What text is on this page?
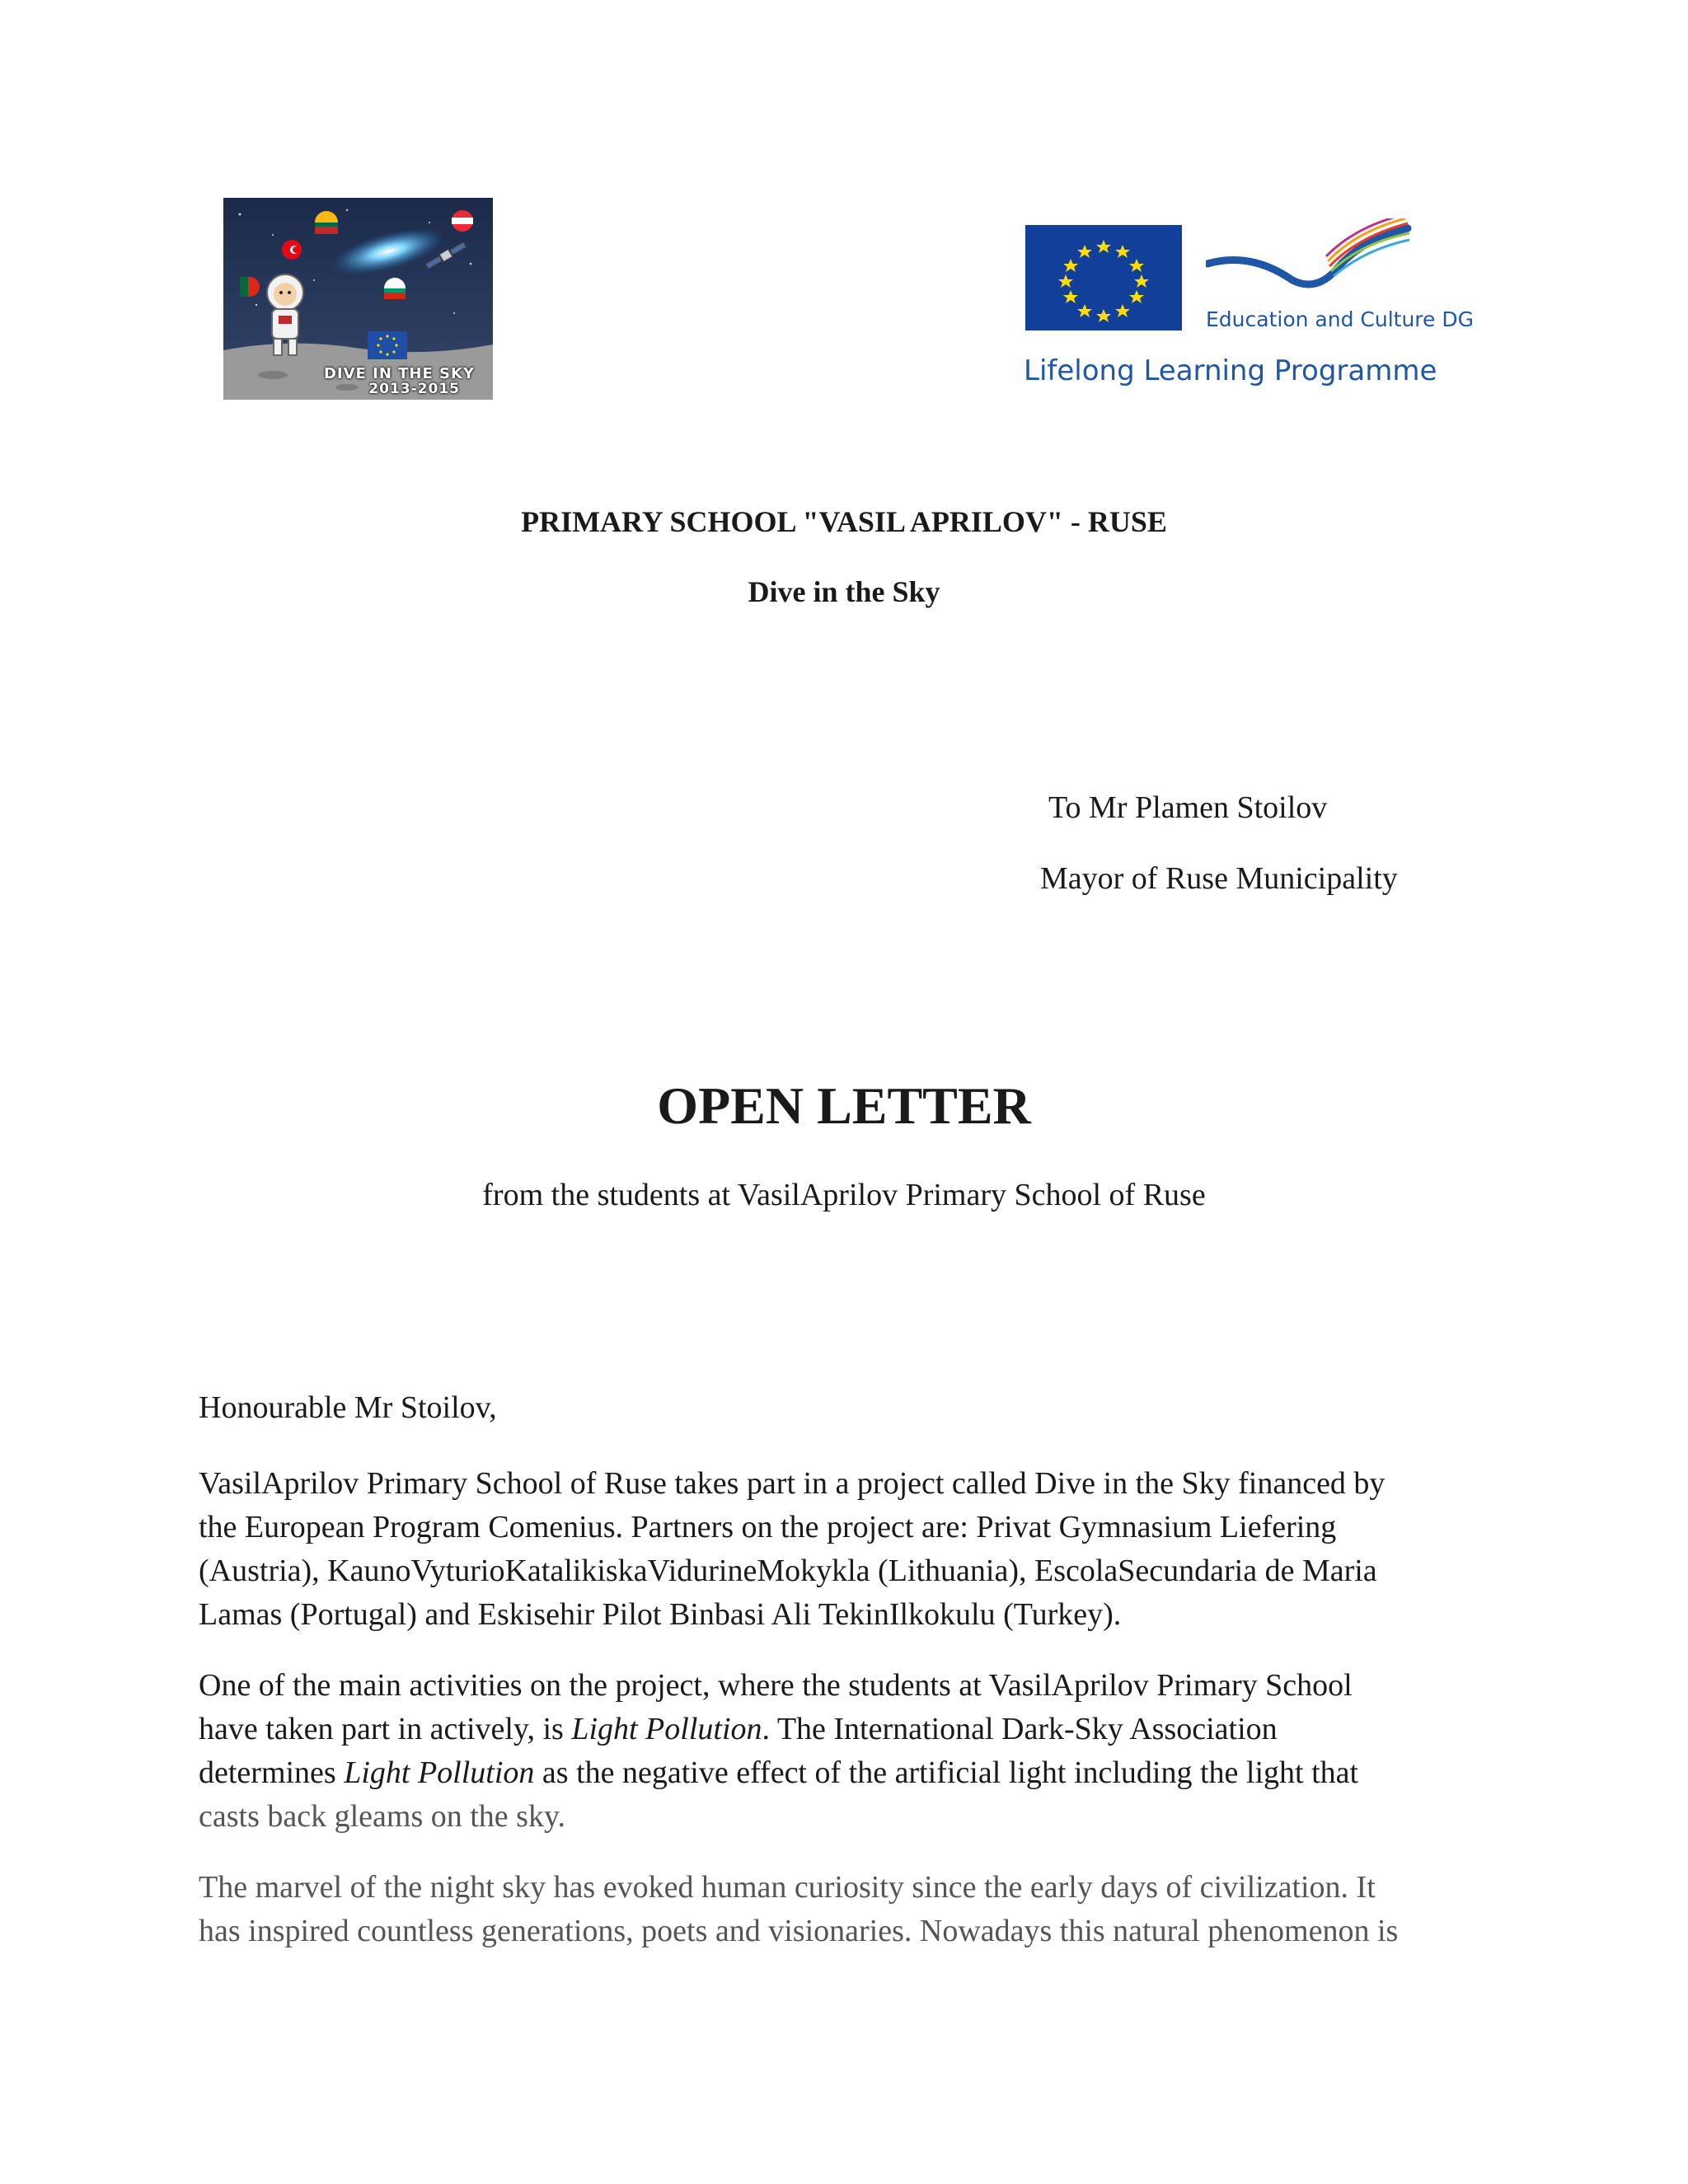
DIVE IN THE SKY
2013-2015
Education and Culture DG
Lifelong Learning Programme
PRIMARY SCHOOL "VASIL APRILOV" - RUSE
Dive in the Sky
To Mr Plamen Stoilov
Mayor of Ruse Municipality
OPEN LETTER
from the students at VasilAprilov Primary School of Ruse
Honourable Mr Stoilov,
VasilAprilov Primary School of Ruse takes part in a project called Dive in the Sky financed by
the European Program Comenius. Partners on the project are: Privat Gymnasium Liefering
(Austria), KaunoVyturioKatalikiskaVidurineMokykla (Lithuania), EscolaSecundaria de Maria
Lamas (Portugal) and Eskisehir Pilot Binbasi Ali TekinIlkokulu (Turkey).
One of the main activities on the project, where the students at VasilAprilov Primary School
have taken part in actively, is Light Pollution. The International Dark-Sky Association
determines Light Pollution as the negative effect of the artificial light including the light that
casts back gleams on the sky.
The marvel of the night sky has evoked human curiosity since the early days of civilization. It
has inspired countless generations, poets and visionaries. Nowadays this natural phenomenon is
